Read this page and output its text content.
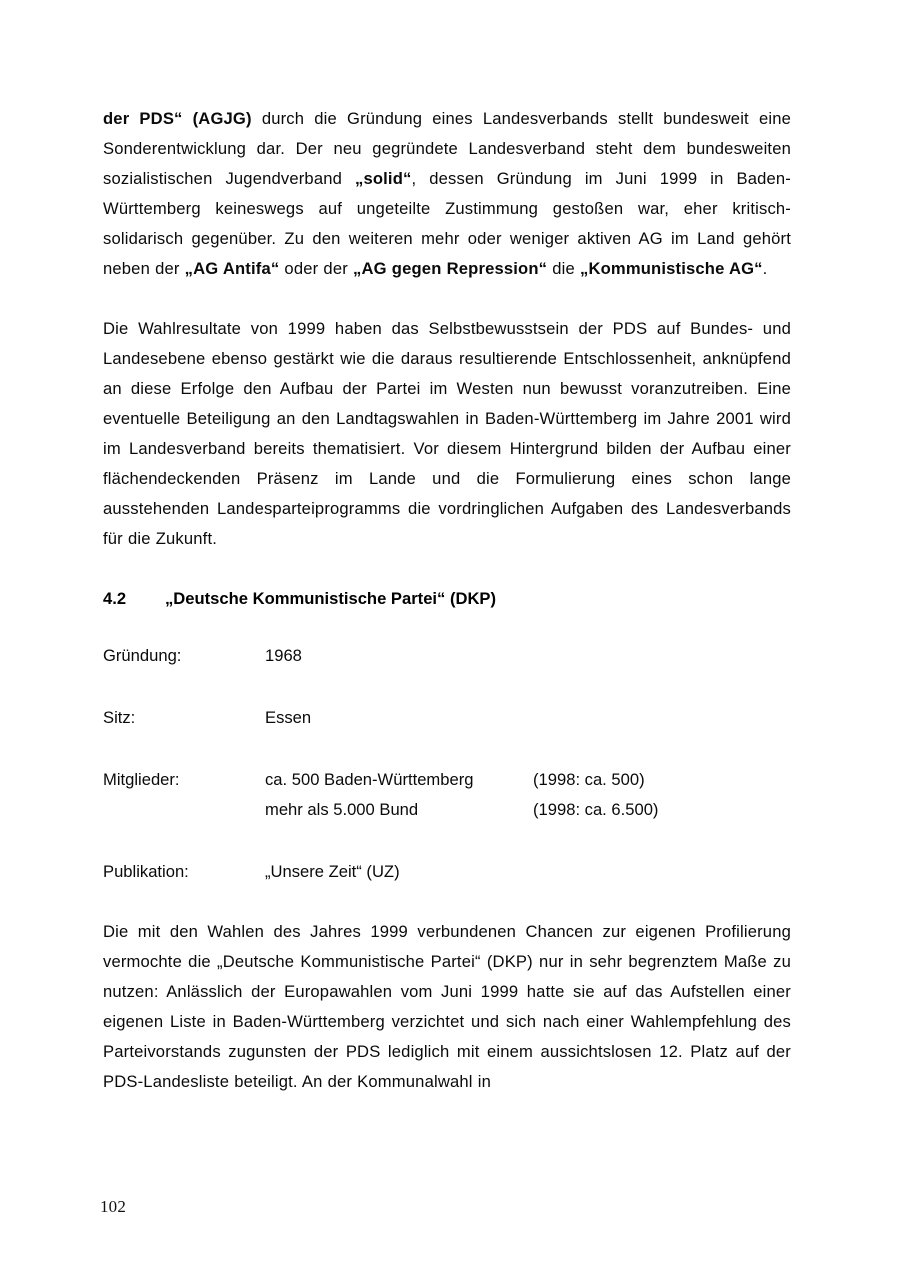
der PDS“ (AGJG) durch die Gründung eines Landesverbands stellt bundesweit eine Sonderentwicklung dar. Der neu gegründete Landesverband steht dem bundesweiten sozialistischen Jugendverband „solid“, dessen Gründung im Juni 1999 in Baden-Württemberg keineswegs auf ungeteilte Zustimmung gestoßen war, eher kritisch-solidarisch gegenüber. Zu den weiteren mehr oder weniger aktiven AG im Land gehört neben der „AG Antifa“ oder der „AG gegen Repression“ die „Kommunistische AG“.

Die Wahlresultate von 1999 haben das Selbstbewusstsein der PDS auf Bundes- und Landesebene ebenso gestärkt wie die daraus resultierende Entschlossenheit, anknüpfend an diese Erfolge den Aufbau der Partei im Westen nun bewusst voranzutreiben. Eine eventuelle Beteiligung an den Landtagswahlen in Baden-Württemberg im Jahre 2001 wird im Landesverband bereits thematisiert. Vor diesem Hintergrund bilden der Aufbau einer flächendeckenden Präsenz im Lande und die Formulierung eines schon lange ausstehenden Landesparteiprogramms die vordringlichen Aufgaben des Landesverbands für die Zukunft.

4.2	„Deutsche Kommunistische Partei“ (DKP)
Gründung:	1968
Sitz:	Essen
Mitglieder:	ca. 500 Baden-Württemberg	(1998: ca. 500)
mehr als 5.000 Bund	(1998: ca. 6.500)
Publikation:	„Unsere Zeit“ (UZ)

Die mit den Wahlen des Jahres 1999 verbundenen Chancen zur eigenen Profilierung vermochte die „Deutsche Kommunistische Partei“ (DKP) nur in sehr begrenztem Maße zu nutzen: Anlässlich der Europawahlen vom Juni 1999 hatte sie auf das Aufstellen einer eigenen Liste in Baden-Württemberg verzichtet und sich nach einer Wahlempfehlung des Parteivorstands zugunsten der PDS lediglich mit einem aussichtslosen 12. Platz auf der PDS-Landesliste beteiligt. An der Kommunalwahl in

102
